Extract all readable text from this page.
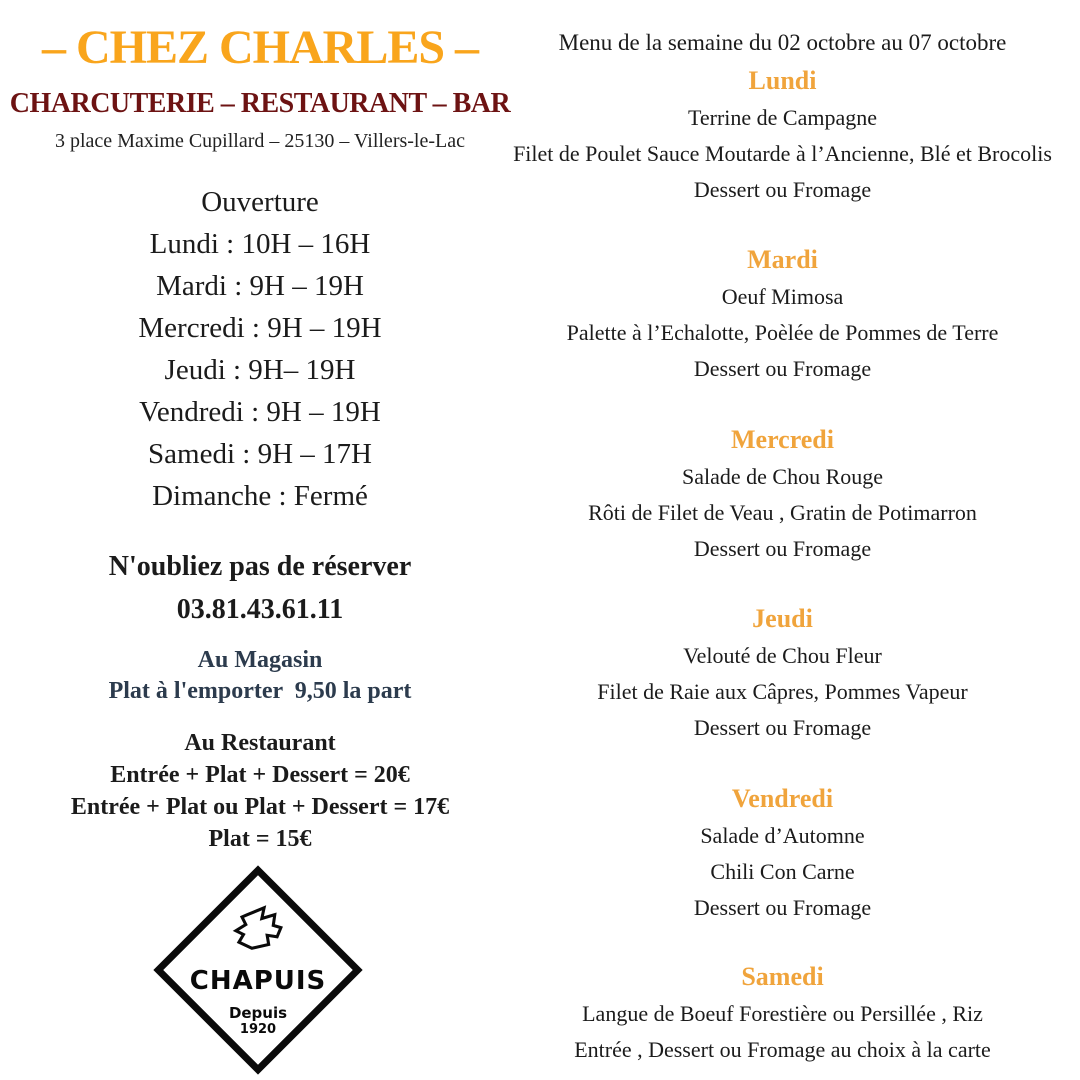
– CHEZ CHARLES –
CHARCUTERIE – RESTAURANT – BAR
3 place Maxime Cupillard – 25130 – Villers-le-Lac
Ouverture
Lundi : 10H – 16H
Mardi : 9H – 19H
Mercredi : 9H – 19H
Jeudi : 9H– 19H
Vendredi : 9H – 19H
Samedi : 9H – 17H
Dimanche : Fermé
N'oubliez pas de réserver
03.81.43.61.11
Au Magasin
Plat à l'emporter  9,50 la part
Au Restaurant
Entrée + Plat + Dessert = 20€
Entrée + Plat ou Plat + Dessert = 17€
Plat = 15€
CHAPUIS
Depuis
1920
Menu de la semaine du 02 octobre au 07 octobre
Lundi
Terrine de Campagne
Filet de Poulet Sauce Moutarde à l’Ancienne, Blé et Brocolis
Dessert ou Fromage
Mardi
Oeuf Mimosa
Palette à l’Echalotte, Poèlée de Pommes de Terre
Dessert ou Fromage
Mercredi
Salade de Chou Rouge
Rôti de Filet de Veau , Gratin de Potimarron
Dessert ou Fromage
Jeudi
Velouté de Chou Fleur
Filet de Raie aux Câpres, Pommes Vapeur
Dessert ou Fromage
Vendredi
Salade d’Automne
Chili Con Carne
Dessert ou Fromage
Samedi
Langue de Boeuf Forestière ou Persillée , Riz
Entrée , Dessert ou Fromage au choix à la carte
